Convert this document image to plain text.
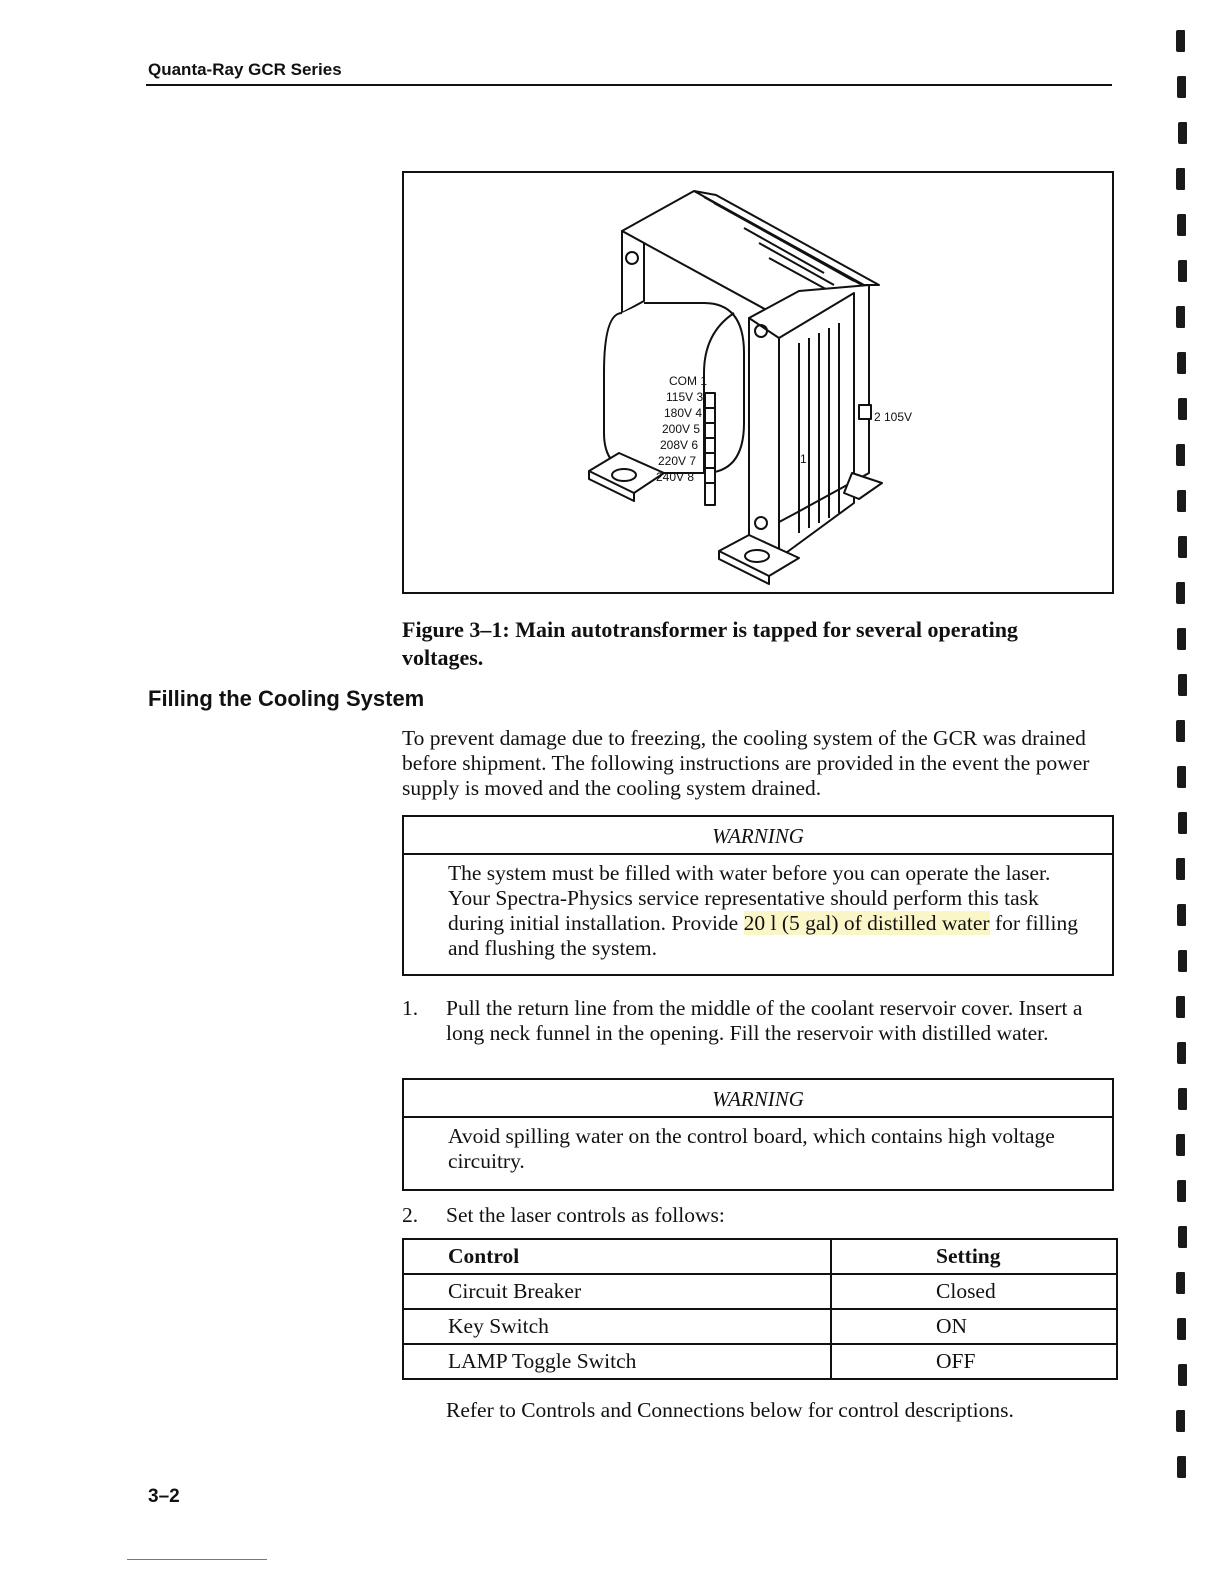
Quanta-Ray GCR Series
COM 1
115V 3
180V 4
200V 5
208V 6
220V 7
240V 8
2 105V
1
Figure 3–1: Main autotransformer is tapped for several operating voltages.
Filling the Cooling System
To prevent damage due to freezing, the cooling system of the GCR was drained before shipment. The following instructions are provided in the event the power supply is moved and the cooling system drained.
WARNING
The system must be filled with water before you can operate the laser. Your Spectra-Physics service representative should perform this task during initial installation. Provide 20 l (5 gal) of distilled water for filling and flushing the system.
1. Pull the return line from the middle of the coolant reservoir cover. Insert a long neck funnel in the opening. Fill the reservoir with distilled water.
WARNING
Avoid spilling water on the control board, which contains high voltage circuitry.
2. Set the laser controls as follows:
Control	Setting
Circuit Breaker	Closed
Key Switch	ON
LAMP Toggle Switch	OFF
Refer to Controls and Connections below for control descriptions.
3–2
